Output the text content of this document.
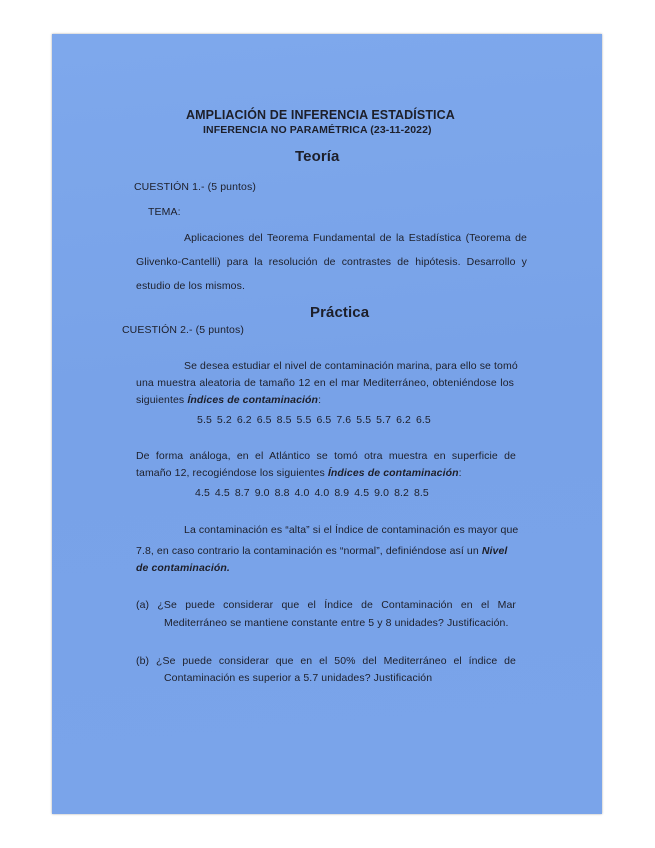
AMPLIACIÓN DE INFERENCIA ESTADÍSTICA
INFERENCIA NO PARAMÉTRICA (23-11-2022)
Teoría
CUESTIÓN 1.- (5 puntos)
TEMA:
Aplicaciones del Teorema Fundamental de la Estadística (Teorema de
Glivenko-Cantelli) para la resolución de contrastes de hipótesis. Desarrollo y
estudio de los mismos.
Práctica
CUESTIÓN 2.- (5 puntos)
Se desea estudiar el nivel de contaminación marina, para ello se tomó
una muestra aleatoria de tamaño 12 en el mar Mediterráneo, obteniéndose los
siguientes Índices de contaminación:
5.5 5.2 6.2 6.5 8.5 5.5 6.5 7.6 5.5 5.7 6.2 6.5
De forma análoga, en el Atlántico se tomó otra muestra en superficie de
tamaño 12, recogiéndose los siguientes Índices de contaminación:
4.5 4.5 8.7 9.0 8.8 4.0 4.0 8.9 4.5 9.0 8.2 8.5
La contaminación es “alta” si el Índice de contaminación es mayor que
7.8, en caso contrario la contaminación es “normal”, definiéndose así un Nivel
de contaminación.
(a) ¿Se puede considerar que el Índice de Contaminación en el Mar
Mediterráneo se mantiene constante entre 5 y 8 unidades? Justificación.
(b) ¿Se puede considerar que en el 50% del Mediterráneo el índice de
Contaminación es superior a 5.7 unidades? Justificación
